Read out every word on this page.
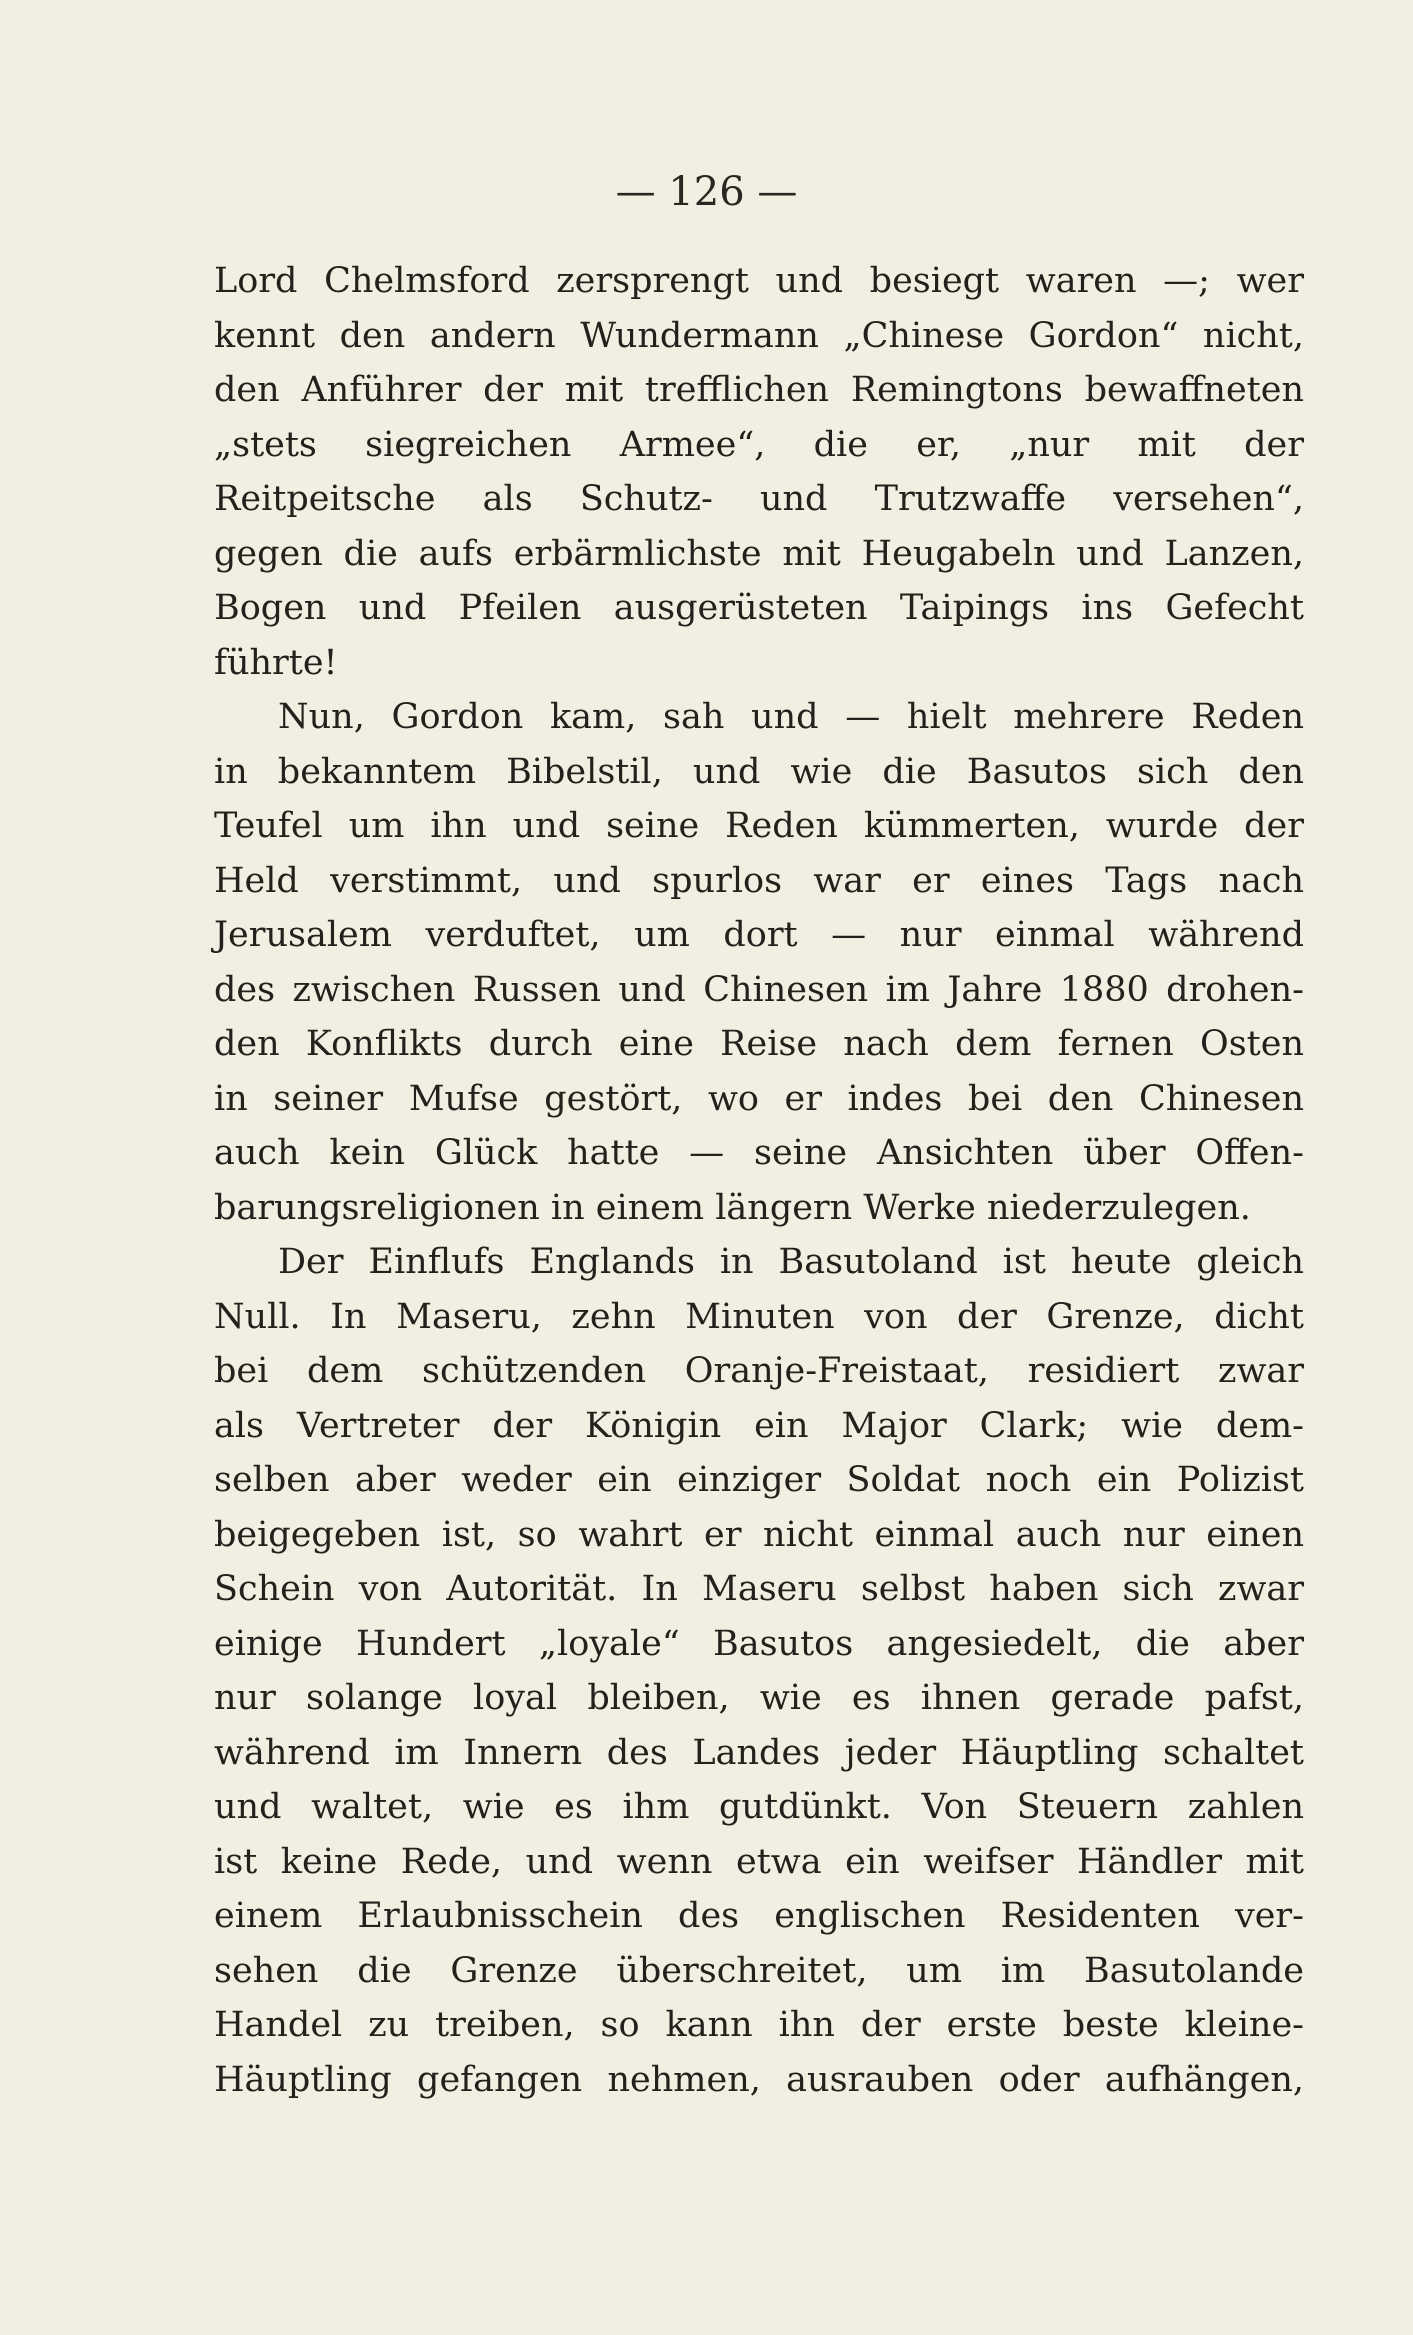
— 126 —
Lord Chelmsford zersprengt und besiegt waren —; wer
kennt den andern Wundermann „Chinese Gordon“ nicht,
den Anführer der mit trefflichen Remingtons bewaffneten
„stets siegreichen Armee“, die er, „nur mit der
Reitpeitsche als Schutz- und Trutzwaffe versehen“,
gegen die aufs erbärmlichste mit Heugabeln und Lanzen,
Bogen und Pfeilen ausgerüsteten Taipings ins Gefecht
führte!
Nun, Gordon kam, sah und — hielt mehrere Reden
in bekanntem Bibelstil, und wie die Basutos sich den
Teufel um ihn und seine Reden kümmerten, wurde der
Held verstimmt, und spurlos war er eines Tags nach
Jerusalem verduftet, um dort — nur einmal während
des zwischen Russen und Chinesen im Jahre 1880 drohen-
den Konflikts durch eine Reise nach dem fernen Osten
in seiner Mufse gestört, wo er indes bei den Chinesen
auch kein Glück hatte — seine Ansichten über Offen-
barungsreligionen in einem längern Werke niederzulegen.
Der Einflufs Englands in Basutoland ist heute gleich
Null. In Maseru, zehn Minuten von der Grenze, dicht
bei dem schützenden Oranje-Freistaat, residiert zwar
als Vertreter der Königin ein Major Clark; wie dem-
selben aber weder ein einziger Soldat noch ein Polizist
beigegeben ist, so wahrt er nicht einmal auch nur einen
Schein von Autorität. In Maseru selbst haben sich zwar
einige Hundert „loyale“ Basutos angesiedelt, die aber
nur solange loyal bleiben, wie es ihnen gerade pafst,
während im Innern des Landes jeder Häuptling schaltet
und waltet, wie es ihm gutdünkt. Von Steuern zahlen
ist keine Rede, und wenn etwa ein weifser Händler mit
einem Erlaubnisschein des englischen Residenten ver-
sehen die Grenze überschreitet, um im Basutolande
Handel zu treiben, so kann ihn der erste beste kleine-
Häuptling gefangen nehmen, ausrauben oder aufhängen,
